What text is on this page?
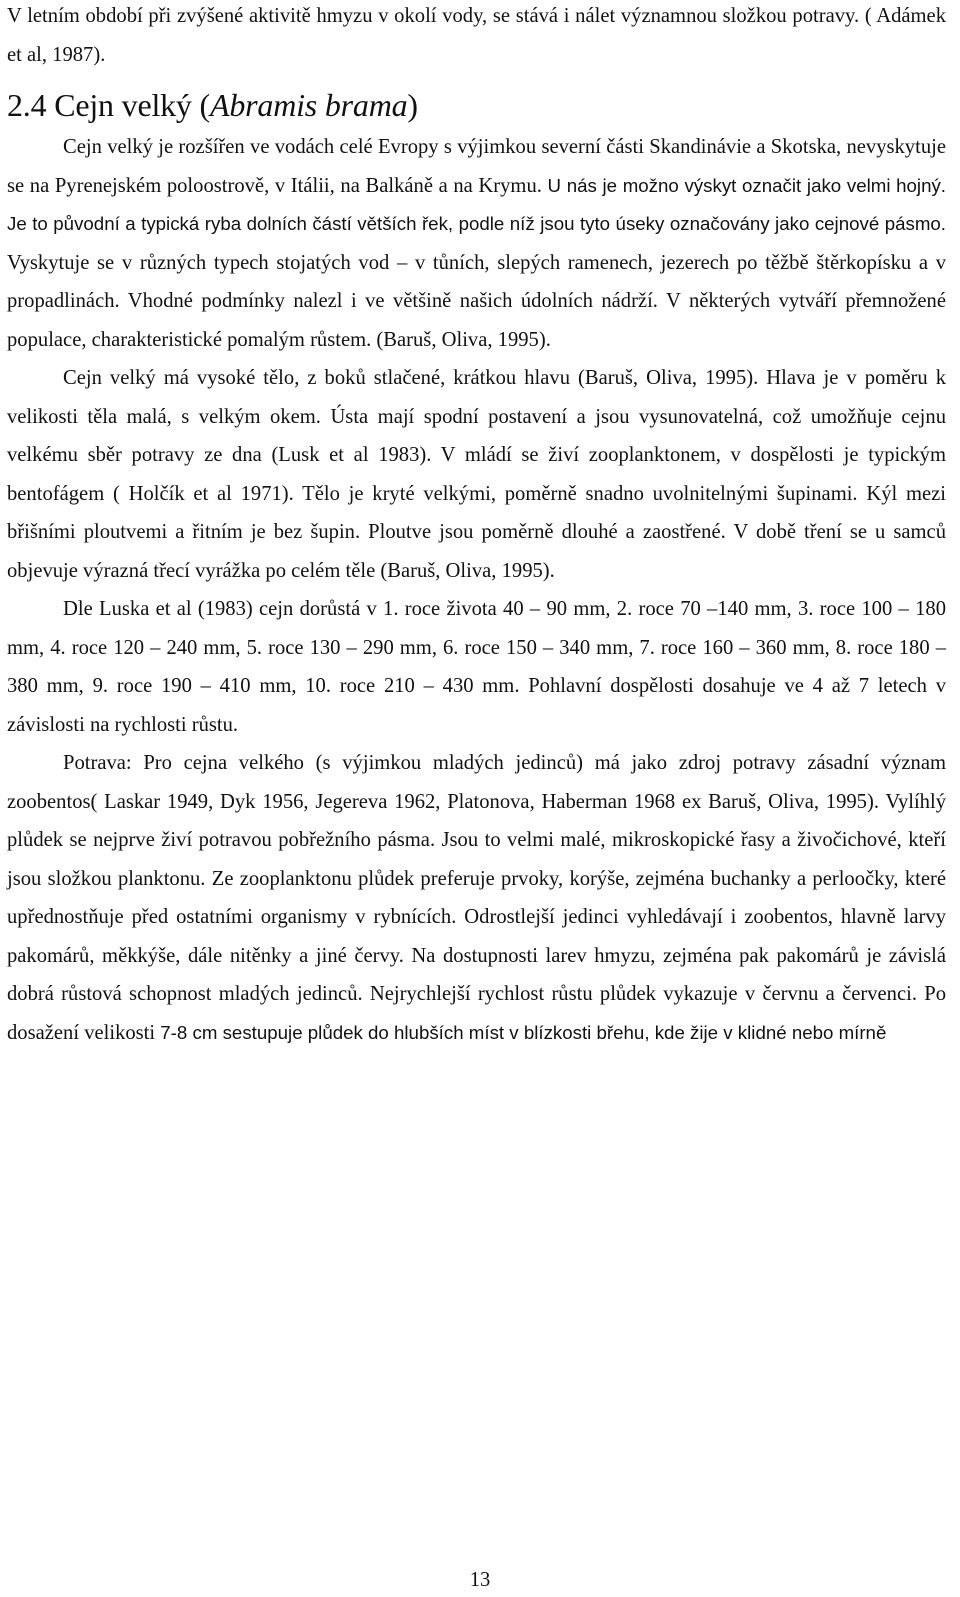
V letním období při zvýšené aktivitě hmyzu v okolí vody, se stává i nálet významnou složkou potravy. ( Adámek et al, 1987).

2.4 Cejn velký (Abramis brama)

Cejn velký je rozšířen ve vodách celé Evropy s výjimkou severní části Skandinávie a Skotska, nevyskytuje se na Pyrenejském poloostrově, v Itálii, na Balkáně a na Krymu. U nás je možno výskyt označit jako velmi hojný. Je to původní a typická ryba dolních částí větších řek, podle níž jsou tyto úseky označovány jako cejnové pásmo. Vyskytuje se v různých typech stojatých vod – v tůních, slepých ramenech, jezerech po těžbě štěrkopísku a v propadlinách. Vhodné podmínky nalezl i ve většině našich údolních nádrží. V některých vytváří přemnožené populace, charakteristické pomalým růstem. (Baruš, Oliva, 1995).

Cejn velký má vysoké tělo, z boků stlačené, krátkou hlavu (Baruš, Oliva, 1995). Hlava je v poměru k velikosti těla malá, s velkým okem. Ústa mají spodní postavení a jsou vysunovatelná, což umožňuje cejnu velkému sběr potravy ze dna (Lusk et al 1983). V mládí se živí zooplanktonem, v dospělosti je typickým bentofágem ( Holčík et al 1971). Tělo je kryté velkými, poměrně snadno uvolnitelnými šupinami. Kýl mezi břišními ploutvemi a řitním je bez šupin. Ploutve jsou poměrně dlouhé a zaostřené. V době tření se u samců objevuje výrazná třecí vyrážka po celém těle (Baruš, Oliva, 1995).

Dle Luska et al (1983) cejn dorůstá v 1. roce života 40 – 90 mm, 2. roce 70 –140 mm, 3. roce 100 – 180 mm, 4. roce 120 – 240 mm, 5. roce 130 – 290 mm, 6. roce 150 – 340 mm, 7. roce 160 – 360 mm, 8. roce 180 – 380 mm, 9. roce 190 – 410 mm, 10. roce 210 – 430 mm. Pohlavní dospělosti dosahuje ve 4 až 7 letech v závislosti na rychlosti růstu.

Potrava: Pro cejna velkého (s výjimkou mladých jedinců) má jako zdroj potravy zásadní význam zoobentos( Laskar 1949, Dyk 1956, Jegereva 1962, Platonova, Haberman 1968 ex Baruš, Oliva, 1995). Vylíhlý plůdek se nejprve živí potravou pobřežního pásma. Jsou to velmi malé, mikroskopické řasy a živočichové, kteří jsou složkou planktonu. Ze zooplanktonu plůdek preferuje prvoky, korýše, zejména buchanky a perloočky, které upřednostňuje před ostatními organismy v rybnících. Odrostlejší jedinci vyhledávají i zoobentos, hlavně larvy pakomárů, měkkýše, dále nitěnky a jiné červy. Na dostupnosti larev hmyzu, zejména pak pakomárů je závislá dobrá růstová schopnost mladých jedinců. Nejrychlejší rychlost růstu plůdek vykazuje v červnu a červenci. Po dosažení velikosti 7-8 cm sestupuje plůdek do hlubších míst v blízkosti břehu, kde žije v klidné nebo mírně

13
